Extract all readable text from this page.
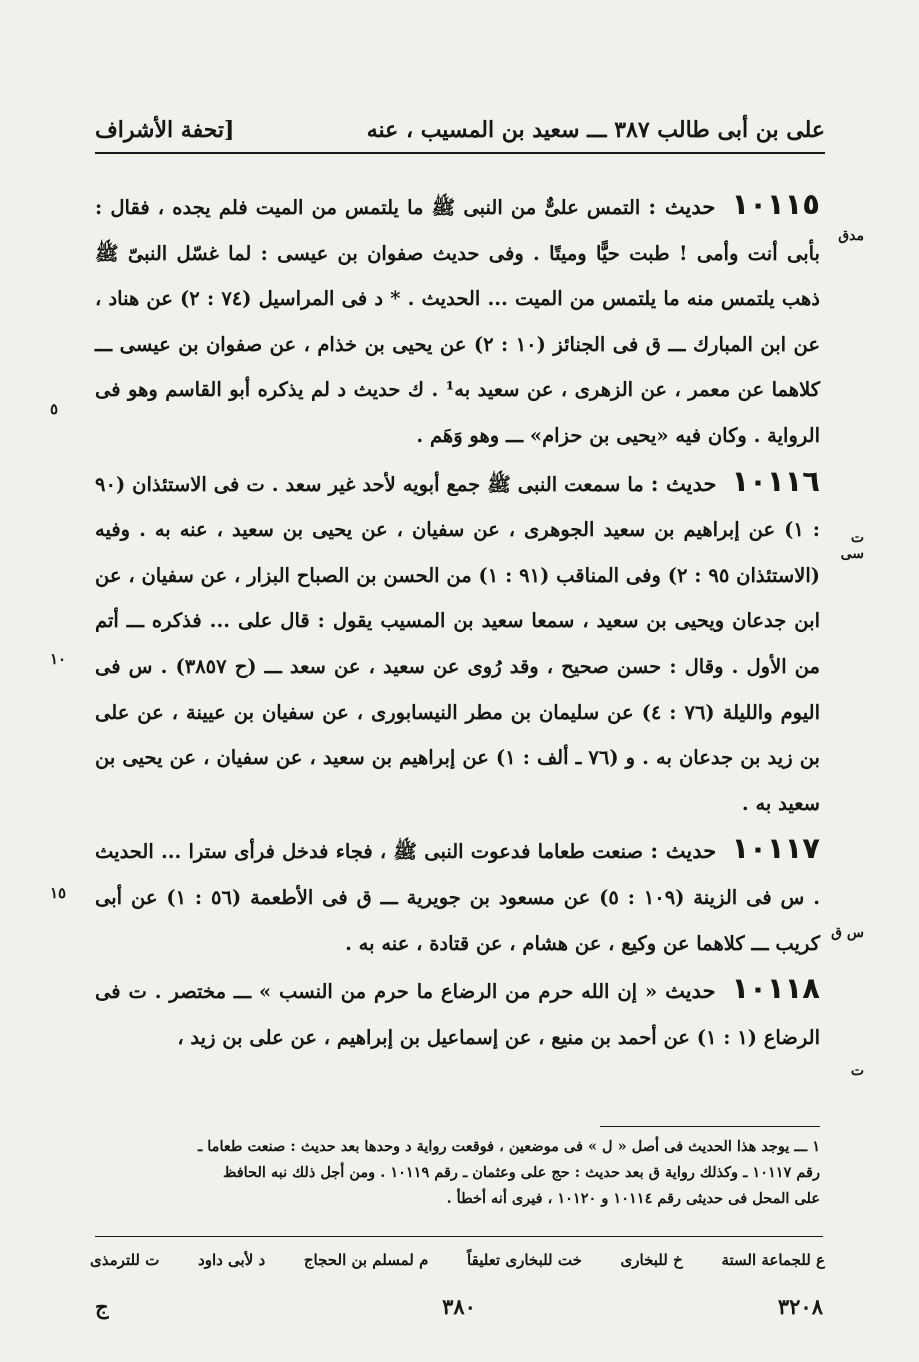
على بن أبى طالب ٣٨٧ ـــ سعيد بن المسيب ، عنه
[تحفة الأشراف

١٠١١٥ حديث : التمس علىٌّ من النبى ﷺ ما يلتمس من الميت فلم يجده ، فقال : بأبى أنت وأمى ! طبت حيًّا وميتًا . وفى حديث صفوان بن عيسى : لما غسّل النبىّ ﷺ ذهب يلتمس منه ما يلتمس من الميت ... الحديث . * د فى المراسيل (٧٤ : ٢) عن هناد ، عن ابن المبارك ـــ ق فى الجنائز (١٠ : ٢) عن يحيى بن خذام ، عن صفوان بن عيسى ـــ كلاهما عن معمر ، عن الزهرى ، عن سعيد به¹ . ك حديث د لم يذكره أبو القاسم وهو فى الرواية . وكان فيه «يحيى بن حزام» ـــ وهو وَهَم .

١٠١١٦ حديث : ما سمعت النبى ﷺ جمع أبويه لأحد غير سعد . ت فى الاستئذان (٩٠ : ١) عن إبراهيم بن سعيد الجوهرى ، عن سفيان ، عن يحيى بن سعيد ، عنه به . وفيه (الاستئذان ٩٥ : ٢) وفى المناقب (٩١ : ١) من الحسن بن الصباح البزار ، عن سفيان ، عن ابن جدعان ويحيى بن سعيد ، سمعا سعيد بن المسيب يقول : قال على ... فذكره ـــ أتم من الأول . وقال : حسن صحيح ، وقد رُوى عن سعيد ، عن سعد ـــ (ح ٣٨٥٧) . س فى اليوم والليلة (٧٦ : ٤) عن سليمان بن مطر النيسابورى ، عن سفيان بن عيينة ، عن على بن زيد بن جدعان به . و (٧٦ ـ ألف : ١) عن إبراهيم بن سعيد ، عن سفيان ، عن يحيى بن سعيد به .

١٠١١٧ حديث : صنعت طعاما فدعوت النبى ﷺ ، فجاء فدخل فرأى سترا ... الحديث . س فى الزينة (١٠٩ : ٥) عن مسعود بن جويرية ـــ ق فى الأطعمة (٥٦ : ١) عن أبى كريب ـــ كلاهما عن وكيع ، عن هشام ، عن قتادة ، عنه به .

١٠١١٨ حديث « إن الله حرم من الرضاع ما حرم من النسب » ـــ مختصر . ت فى الرضاع (١ : ١) عن أحمد بن منيع ، عن إسماعيل بن إبراهيم ، عن على بن زيد ،

مدق
ت سى
س ق
ت
٥
١٠
١٥

١ ـــ يوجد هذا الحديث فى أصل « ل » فى موضعين ، فوقعت رواية د وحدها بعد حديث : صنعت طعاما ـ

رقم ١٠١١٧ ـ وكذلك رواية ق بعد حديث : حج على وعثمان ـ رقم ١٠١١٩ . ومن أجل ذلك نبه الحافظ

على المحل فى حديثى رقم ١٠١١٤ و ١٠١٢٠ ، فيرى أنه أخطأ .

ع للجماعة الستة
خ للبخارى
خت للبخارى تعليقاً
م لمسلم بن الحجاج
د لأبى داود
ت للترمذى
٣٢٠٨
٣٨٠
ج
